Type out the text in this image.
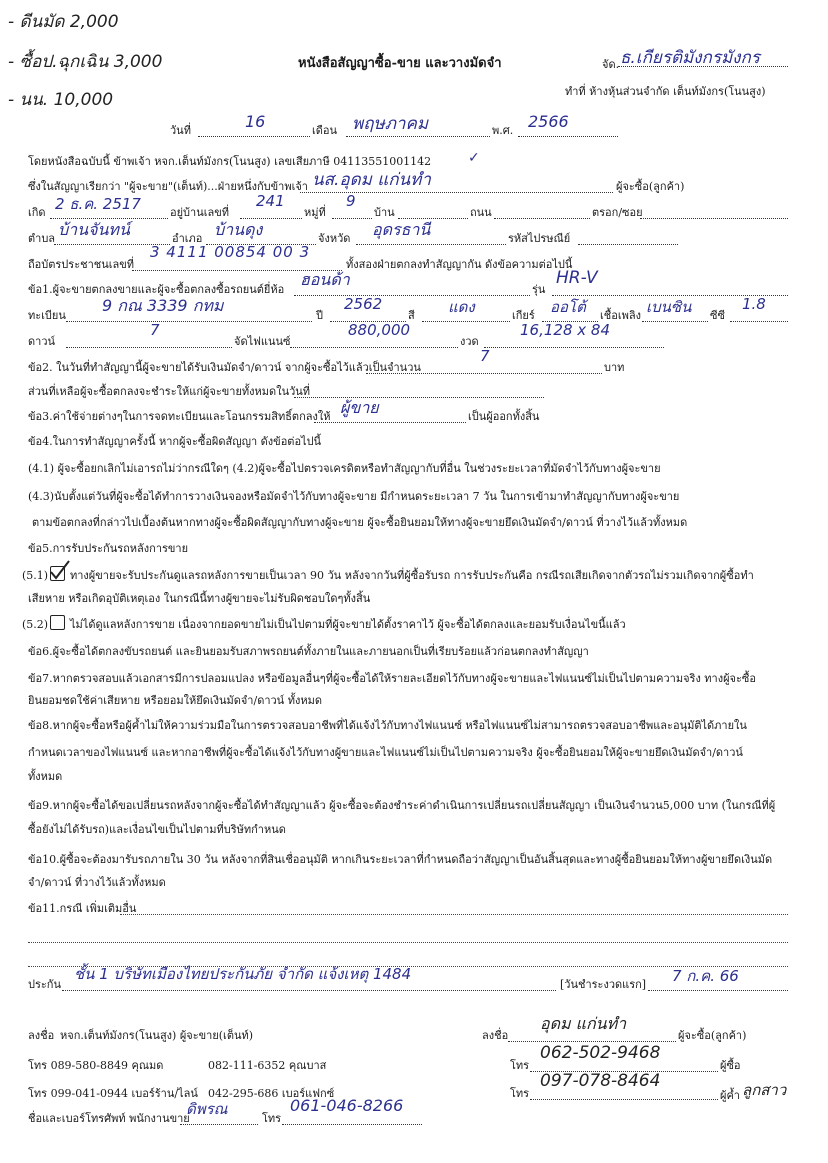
- ดีนมัด 2,000
- ซื้อป.ฉุกเฉิน 3,000
- นน. 10,000
หนังสือสัญญาซื้อ-ขาย และวางมัดจำ	จัด. ธ.เกียรติมังกรมังกร
ทำที่ ห้างหุ้นส่วนจำกัด เต็นท์มังกร(โนนสูง)
วันที่	16	เดือน พฤษภาคม	พ.ศ. 2566
โดยหนังสือฉบับนี้ ข้าพเจ้า หจก.เต็นท์มังกร(โนนสูง) เลขเสียภาษี 04113551001142	✓
ซึ่งในสัญญาเรียกว่า "ผู้จะขาย"(เต็นท์)...ฝ่ายหนึ่งกับข้าพเจ้า นส.อุดม แก่นทำ	ผู้จะซื้อ(ลูกค้า)
เกิด 2 ธ.ค. 2517	อยู่บ้านเลขที่
241
หมู่ที่
9
บ้าน	ถนน	ตรอก/ซอย
ตำบล บ้านจันทน์	อำเภอ บ้านดุง	จังหวัด อุดรธานี	รหัสไปรษณีย์
ถือบัตรประชาชนเลขที่
3 4111 00854 00 3
ทั้งสองฝ่ายตกลงทำสัญญากัน ดังข้อความต่อไปนี้
ข้อ1.ผู้จะขายตกลงขายและผู้จะซื้อตกลงซื้อรถยนต์ยี่ห้อ
ฮอนด้า
รุ่น
HR-V
ทะเบียน
9 กณ 3339 กทม
ปี
2562
สี แดง	เกียร์ ออโต้ เชื้อเพลิง เบนซิน ซีซี
1.8
ดาวน์
7
จัดไฟแนนซ์
880,000
งวด
16,128 x 84
ข้อ2. ในวันที่ทำสัญญานี้ผู้จะขายได้รับเงินมัดจำ/ดาวน์ จากผู้จะซื้อไว้แล้วเป็นจำนวน
7
บาท
ส่วนที่เหลือผู้จะซื้อตกลงจะชำระให้แก่ผู้จะขายทั้งหมดในวันที่
ข้อ3.ค่าใช้จ่ายต่างๆในการจดทะเบียนและโอนกรรมสิทธิ์ตกลงให้ ผู้ขาย	เป็นผู้ออกทั้งสิ้น
ข้อ4.ในการทำสัญญาครั้งนี้ หากผู้จะซื้อผิดสัญญา ดังข้อต่อไปนี้
(4.1) ผู้จะซื้อยกเลิกไม่เอารถไม่ว่ากรณีใดๆ (4.2)ผู้จะซื้อไปตรวจเครดิตหรือทำสัญญากับที่อื่น ในช่วงระยะเวลาที่มัดจำไว้กับทางผู้จะขาย
(4.3)นับตั้งแต่วันที่ผู้จะซื้อได้ทำการวางเงินจองหรือมัดจำไว้กับทางผู้จะขาย มีกำหนดระยะเวลา 7 วัน ในการเข้ามาทำสัญญากับทางผู้จะขาย
ตามข้อตกลงที่กล่าวไปเบื้องต้นหากทางผู้จะซื้อผิดสัญญากับทางผู้จะขาย ผู้จะซื้อยินยอมให้ทางผู้จะขายยึดเงินมัดจำ/ดาวน์ ที่วางไว้แล้วทั้งหมด
ข้อ5.การรับประกันรถหลังการขาย
(5.1) ทางผู้ขายจะรับประกันดูแลรถหลังการขายเป็นเวลา 90 วัน หลังจากวันที่ผู้ซื้อรับรถ การรับประกันคือ กรณีรถเสียเกิดจากตัวรถไม่รวมเกิดจากผู้ซื้อทำ
เสียหาย หรือเกิดอุบัติเหตุเอง ในกรณีนี้ทางผู้ขายจะไม่รับผิดชอบใดๆทั้งสิ้น
(5.2) ไม่ได้ดูแลหลังการขาย เนื่องจากยอดขายไม่เป็นไปตามที่ผู้จะขายได้ตั้งราคาไว้ ผู้จะซื้อได้ตกลงและยอมรับเงื่อนไขนี้แล้ว
ข้อ6.ผู้จะซื้อได้ตกลงขับรถยนต์ และยินยอมรับสภาพรถยนต์ทั้งภายในและภายนอกเป็นที่เรียบร้อยแล้วก่อนตกลงทำสัญญา
ข้อ7.หากตรวจสอบแล้วเอกสารมีการปลอมแปลง หรือข้อมูลอื่นๆที่ผู้จะซื้อได้ให้รายละเอียดไว้กับทางผู้จะขายและไฟแนนซ์ไม่เป็นไปตามความจริง ทางผู้จะซื้อ
ยินยอมชดใช้ค่าเสียหาย หรือยอมให้ยึดเงินมัดจำ/ดาวน์ ทั้งหมด
ข้อ8.หากผู้จะซื้อหรือผู้ค้ำไม่ให้ความร่วมมือในการตรวจสอบอาชีพที่ได้แจ้งไว้กับทางไฟแนนซ์ หรือไฟแนนซ์ไม่สามารถตรวจสอบอาชีพและอนุมัติได้ภายใน
กำหนดเวลาของไฟแนนซ์ และหากอาชีพที่ผู้จะซื้อได้แจ้งไว้กับทางผู้ขายและไฟแนนซ์ไม่เป็นไปตามความจริง ผู้จะซื้อยินยอมให้ผู้จะขายยึดเงินมัดจำ/ดาวน์
ทั้งหมด
ข้อ9.หากผู้จะซื้อได้ขอเปลี่ยนรถหลังจากผู้จะซื้อได้ทำสัญญาแล้ว ผู้จะซื้อจะต้องชำระค่าดำเนินการเปลี่ยนรถเปลี่ยนสัญญา เป็นเงินจำนวน5,000 บาท (ในกรณีที่ผู้
ซื้อยังไม่ได้รับรถ)และเงื่อนไขเป็นไปตามที่บริษัทกำหนด
ข้อ10.ผู้ซื้อจะต้องมารับรถภายใน 30 วัน หลังจากที่สินเชื่ออนุมัติ หากเกินระยะเวลาที่กำหนดถือว่าสัญญาเป็นอันสิ้นสุดและทางผู้ซื้อยินยอมให้ทางผู้ขายยึดเงินมัด
จำ/ดาวน์ ที่วางไว้แล้วทั้งหมด
ข้อ11.กรณี เพิ่มเติมอื่น
ประกัน
ชั้น 1 บริษัทเมืองไทยประกันภัย จำกัด แจ้งเหตุ 1484
[วันชำระงวดแรก] 7 ก.ค. 66
ลงชื่อ หจก.เต็นท์มังกร(โนนสูง) ผู้จะขาย(เต็นท์)
โทร 089-580-8849 คุณมด	082-111-6352 คุณบาส
โทร 099-041-0944 เบอร์ร้าน/ไลน์ 042-295-686 เบอร์แฟกซ์
ชื่อและเบอร์โทรศัพท์ พนักงานขาย
ดิพรณ
โทร
061-046-8266
ลงชื่อ
อุดม แก่นทำ
ผู้จะซื้อ(ลูกค้า)
โทร
062-502-9468
ผู้ซื้อ
โทร
097-078-8464
ผู้ค้ำ ลูกสาว
